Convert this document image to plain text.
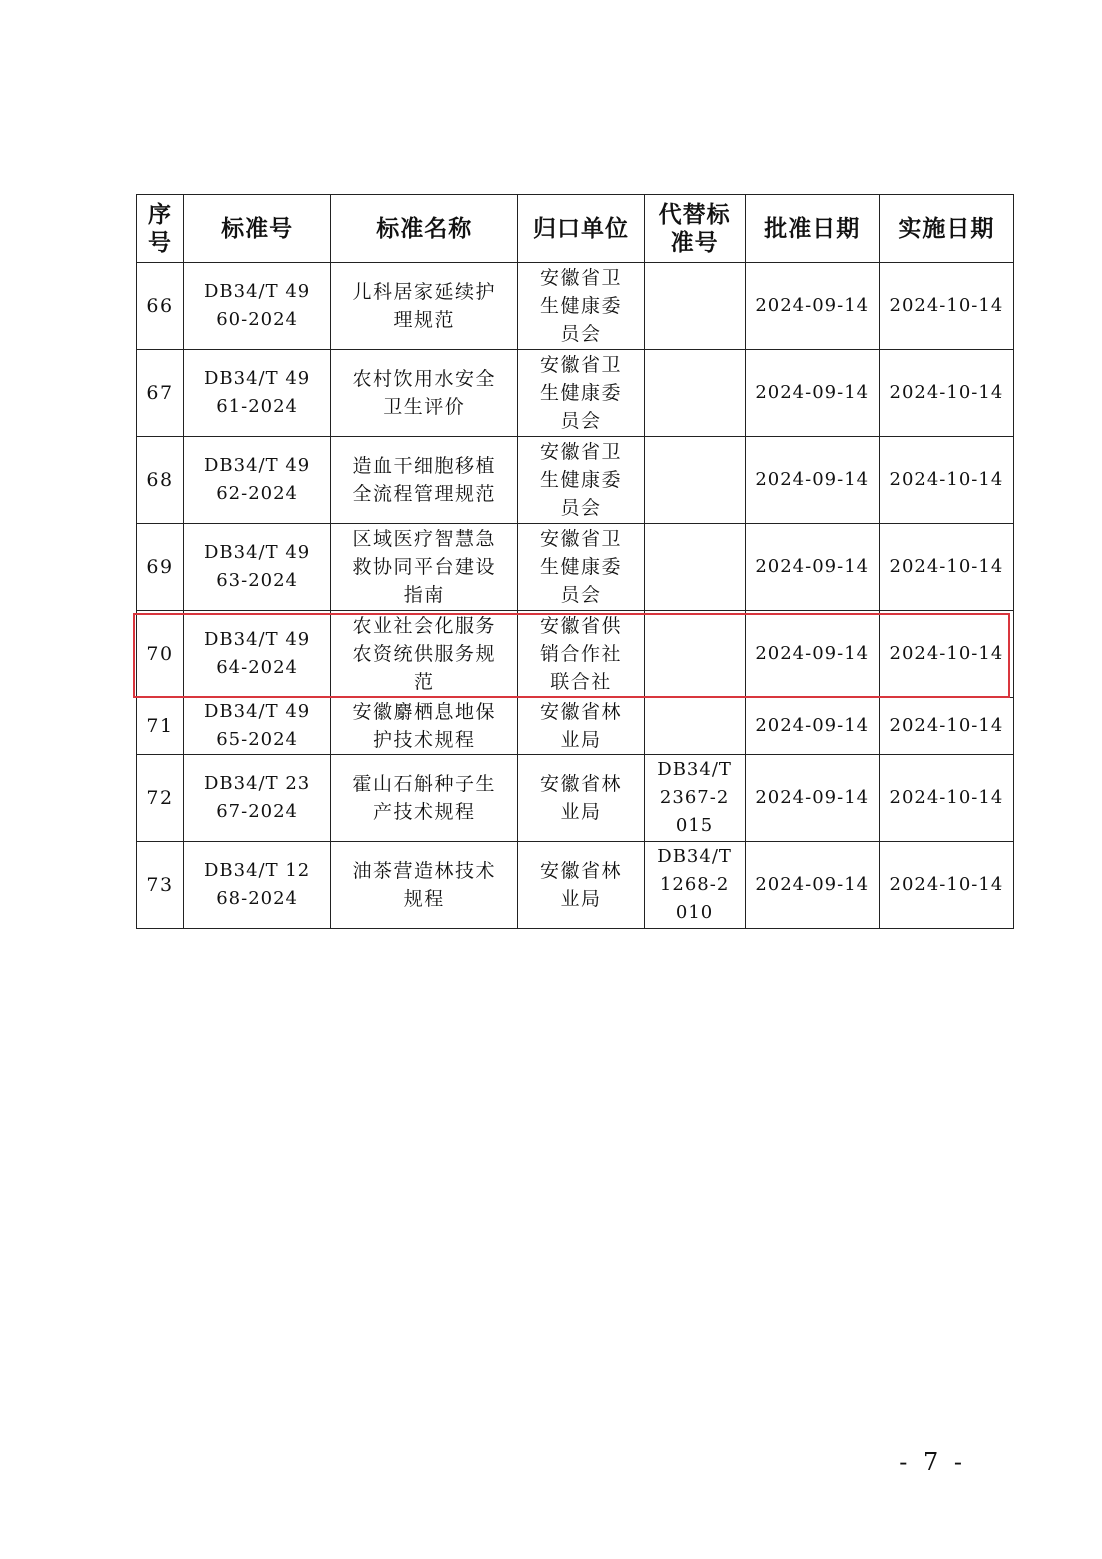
序号	标准号	标准名称	归口单位	代替标准号	批准日期	实施日期
66	DB34/T 4960-2024	儿科居家延续护理规范	安徽省卫生健康委员会		2024-09-14	2024-10-14
67	DB34/T 4961-2024	农村饮用水安全卫生评价	安徽省卫生健康委员会		2024-09-14	2024-10-14
68	DB34/T 4962-2024	造血干细胞移植全流程管理规范	安徽省卫生健康委员会		2024-09-14	2024-10-14
69	DB34/T 4963-2024	区域医疗智慧急救协同平台建设指南	安徽省卫生健康委员会		2024-09-14	2024-10-14
70	DB34/T 4964-2024	农业社会化服务农资统供服务规范	安徽省供销合作社联合社		2024-09-14	2024-10-14
71	DB34/T 4965-2024	安徽麝栖息地保护技术规程	安徽省林业局		2024-09-14	2024-10-14
72	DB34/T 2367-2024	霍山石斛种子生产技术规程	安徽省林业局	DB34/T 2367-2015	2024-09-14	2024-10-14
73	DB34/T 1268-2024	油茶营造林技术规程	安徽省林业局	DB34/T 1268-2010	2024-09-14	2024-10-14
- 7 -
